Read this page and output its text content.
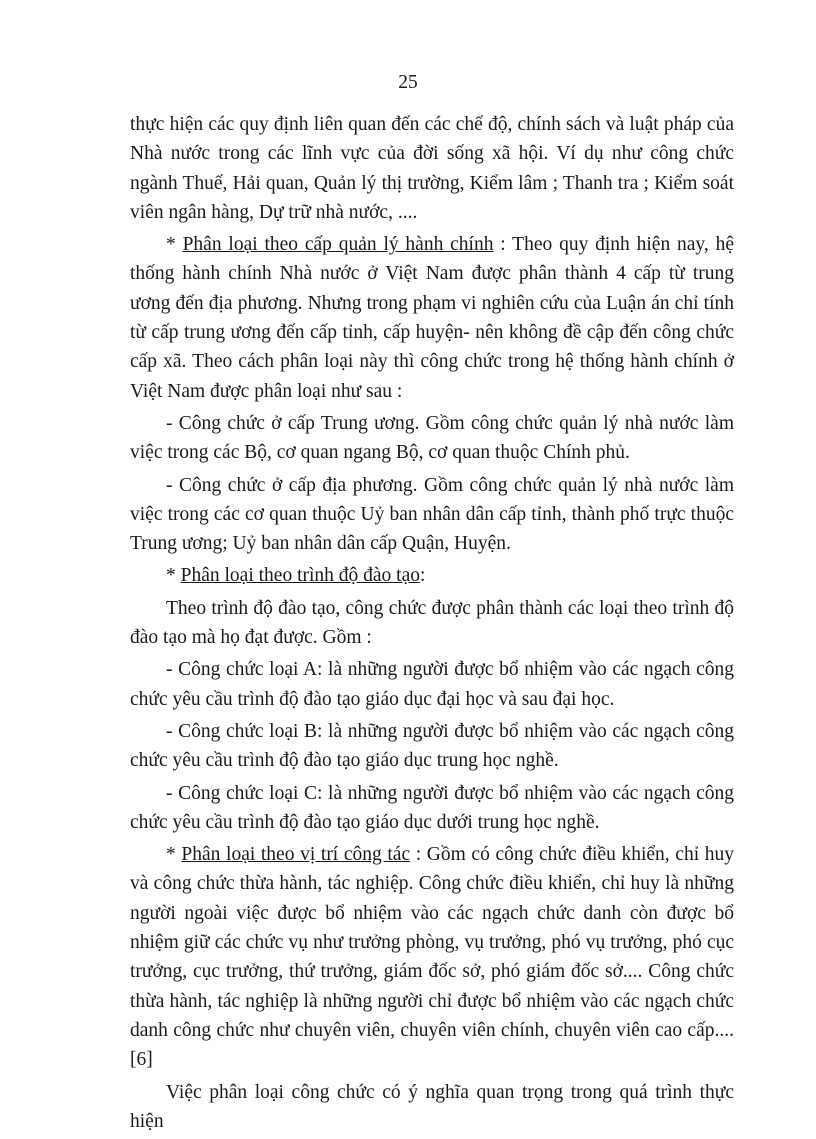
25

thực hiện các quy định liên quan đến các chế độ, chính sách và luật pháp của Nhà nước trong các lĩnh vực của đời sống xã hội. Ví dụ như công chức ngành Thuế, Hải quan, Quản lý thị trường, Kiểm lâm ; Thanh tra ; Kiểm soát viên ngân hàng, Dự trữ nhà nước, ....

* Phân loại theo cấp quản lý hành chính : Theo quy định hiện nay, hệ thống hành chính Nhà nước ở Việt Nam được phân thành 4 cấp từ trung ương đến địa phương. Nhưng trong phạm vi nghiên cứu của Luận án chỉ tính từ cấp trung ương đến cấp tỉnh, cấp huyện- nên không đề cập đến công chức cấp xã. Theo cách phân loại này thì công chức trong hệ thống hành chính ở Việt Nam được phân loại như sau :

- Công chức ở cấp Trung ương. Gồm công chức quản lý nhà nước làm việc trong các Bộ, cơ quan ngang Bộ, cơ quan thuộc Chính phủ.

- Công chức ở cấp địa phương. Gồm công chức quản lý nhà nước làm việc trong các cơ quan thuộc Uỷ ban nhân dân cấp tỉnh, thành phố trực thuộc Trung ương; Uỷ ban nhân dân cấp Quận, Huyện.

* Phân loại theo trình độ đào tạo:

Theo trình độ đào tạo, công chức được phân thành các loại theo trình độ đào tạo mà họ đạt được. Gồm :

- Công chức loại A: là những người được bổ nhiệm vào các ngạch công chức yêu cầu trình độ đào tạo giáo dục đại học và sau đại học.

- Công chức loại B: là những người được bổ nhiệm vào các ngạch công chức yêu cầu trình độ đào tạo giáo dục trung học nghề.

- Công chức loại C: là những người được bổ nhiệm vào các ngạch công chức yêu cầu trình độ đào tạo giáo dục dưới trung học nghề.

* Phân loại theo vị trí công tác : Gồm có công chức điều khiển, chỉ huy và công chức thừa hành, tác nghiệp. Công chức điều khiển, chỉ huy là những người ngoài việc được bổ nhiệm vào các ngạch chức danh còn được bổ nhiệm giữ các chức vụ như trưởng phòng, vụ trưởng, phó vụ trưởng, phó cục trưởng, cục trưởng, thứ trưởng, giám đốc sở, phó giám đốc sở.... Công chức thừa hành, tác nghiệp là những người chỉ được bổ nhiệm vào các ngạch chức danh công chức như chuyên viên, chuyên viên chính, chuyên viên cao cấp....[6]

Việc phân loại công chức có ý nghĩa quan trọng trong quá trình thực hiện
